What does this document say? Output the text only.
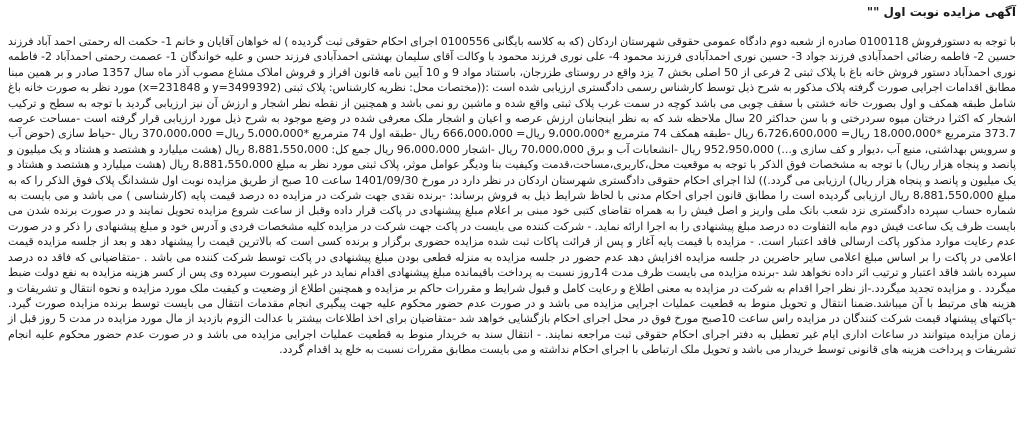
آگهی مزایده نوبت اول ""
با توجه به دستورفروش 0100118 صادره از شعبه دوم دادگاه عمومی حقوقی شهرستان اردکان (که به کلاسه بایگانی 0100556 اجرای احکام حقوقی ثبت گردیده ) له خواهان آقایان و خانم 1- حکمت اله رحمتی احمد آباد فرزند حسین 2- فاطمه رضائی احمدآبادی فرزند جواد 3- حسین نوری احمدآبادی فرزند محمود 4- علی نوری فرزند محمود با وکالت آقای سلیمان بهشتی احمدآبادی فرزند حسن و علیه خواندگان 1- عصمت رحمتی احمدآباد 2- فاطمه نوری احمدآباد دستور فروش خانه باغ با پلاک ثبتی 2 فرعی از 50 اصلی بخش 7 یزد واقع در روستای طزرجان، باستناد مواد 9 و 10 آیین نامه قانون افراز و فروش املاک مشاع مصوب آذر ماه سال 1357 صادر و بر همین مبنا مطابق اقدامات اجرایی صورت گرفته پلاک مذکور به شرح ذیل توسط کارشناس رسمی دادگستری ارزیابی شده است :((مختصات محل: نظریه کارشناس: پلاک ثبتی (3499392=y و 231848=x) مورد نظر به صورت خانه باغ شامل طبقه همکف و اول بصورت خانه خشتی با سقف چوبی می باشد کوچه در سمت غرب پلاک ثبتی واقع شده و ماشین رو نمی باشد و همچنین از نقطه نظر اشجار و ارزش آن نیز ارزیابی گردید با توجه به سطح و ترکیب اشجار که اکثرا درختان میوه سردرختی و با سن حداکثر 20 سال ملاحظه شد که به نظر اینجانبان ارزش عرصه و اعیان و اشجار ملک معرفی شده در وضع موجود به شرح ذیل مورد ارزیابی قرار گرفته است -مساحت عرصه 373.7 مترمربع *18،000،000 ریال= 6،726،600،000 ریال -طبقه همکف 74 مترمربع *9،000،000 ریال= 666،000،000 ریال -طبقه اول 74 مترمربع *5،000،000 ریال= 370،000،000 ریال -حیاط سازی (حوض آب و سرویس بهداشتی، منبع آب ،دیوار و کف سازی و...) 952،950،000 ریال -انشعابات آب و برق 70،000،000 ریال -اشجار 96،000،000 ریال جمع کل: 8،881،550،000 ریال (هشت میلیارد و هشتصد و هشتاد و یک میلیون و پانصد و پنجاه هزار ریال) با توجه به مشخصات فوق الذکر با توجه به موقعیت محل،کاربری،مساحت،قدمت وکیفیت بنا ودیگر عوامل موثر، پلاک ثبتی مورد نظر به مبلغ 8،881،550،000 ریال (هشت میلیارد و هشتصد و هشتاد و یک میلیون و پانصد و پنجاه هزار ریال) ارزیابی می گردد.)) لذا اجرای احکام حقوقی دادگستری شهرستان اردکان در نظر دارد در مورخ 1401/09/30 ساعت 10 صبح از طریق مزایده نوبت اول ششدانگ پلاک فوق الذکر را که به مبلغ 8،881،550،000 ریال ارزیابی گردیده است را مطابق قانون اجرای احکام مدنی با لحاظ شرایط ذیل به فروش برساند: -برنده نقدی جهت شرکت در مزایده ده درصد قیمت پایه (کارشناسی ) می باشد و می بایست به شماره حساب سپرده دادگستری نزد شعب بانک ملی واریز و اصل فیش را به همراه تقاضای کتبی خود مبنی بر اعلام مبلغ پیشنهادی در پاکت قرار داده وقبل از ساعت شروع مزایده تحویل نمایند و در صورت برنده شدن می بایست ظرف یک ساعت فیش دوم مابه التفاوت ده درصد مبلغ پیشنهادی را به اجرا ارائه نماید. - شرکت کننده می بایست در پاکت جهت شرکت در مزایده کلیه مشخصات فردی و آدرس خود و مبلغ پیشنهادی را ذکر و در صورت عدم رعایت موارد مذکور پاکت ارسالی فاقد اعتبار است. - مزایده با قیمت پایه آغاز و پس از قرائت پاکات ثبت شده مزایده حضوری برگزار و برنده کسی است که بالاترین قیمت را پیشنهاد دهد و بعد از جلسه مزایده قیمت اعلامی در پاکت را بر اساس مبلغ اعلامی سایر حاضرین در جلسه مزایده افزایش دهد عدم حضور در جلسه مزایده به منزله قطعی بودن مبلغ پیشنهادی در پاکت توسط شرکت کننده می باشد . -متقاضیانی که فاقد ده درصد سپرده باشد فاقد اعتبار و ترتیب اثر داده نخواهد شد -برنده مزایده می بایست ظرف مدت 14روز نسبت به پرداخت باقیمانده مبلغ پیشنهادی اقدام نماید در غیر اینصورت سپرده وی پس از کسر هزینه مزایده به نفع دولت ضبط میگردد . و مزایده تجدید میگردد.-از نظر اجرا اقدام به شرکت در مزایده به معنی اطلاع و رعایت کامل و قبول شرایط و مقررات حاکم بر مزایده و همچنین اطلاع از وضعیت و کیفیت ملک مورد مزایده و نحوه انتقال و تشریفات و هزینه های مرتبط با آن میباشد.ضمنا انتقال و تحویل منوط به قطعیت عملیات اجرایی مزایده می باشد و در صورت عدم حضور محکوم علیه جهت پیگیری انجام مقدمات انتقال می بایست توسط برنده مزایده صورت گیرد. -پاکتهای پیشنهاد قیمت شرکت کنندگان در مزایده راس ساعت 10صبح مورخ فوق در محل اجرای احکام بازگشایی خواهد شد -متقاضیان برای اخذ اطلاعات بیشتر با عدالت الزوم بازدید از مال مورد مزایده در مدت 5 روز قبل از زمان مزایده میتوانند در ساعات اداری ایام غیر تعطیل به دفتر اجرای احکام حقوقی ثبت مراجعه نمایند. - انتقال سند به خریدار منوط به قطعیت عملیات اجرایی مزایده می باشد و در صورت عدم حضور محکوم علیه انجام تشریفات و پرداخت هزینه های قانونی توسط خریدار می باشد و تحویل ملک ارتباطی با اجرای احکام نداشته و می بایست مطابق مقررات نسبت به خلع ید اقدام گردد.
